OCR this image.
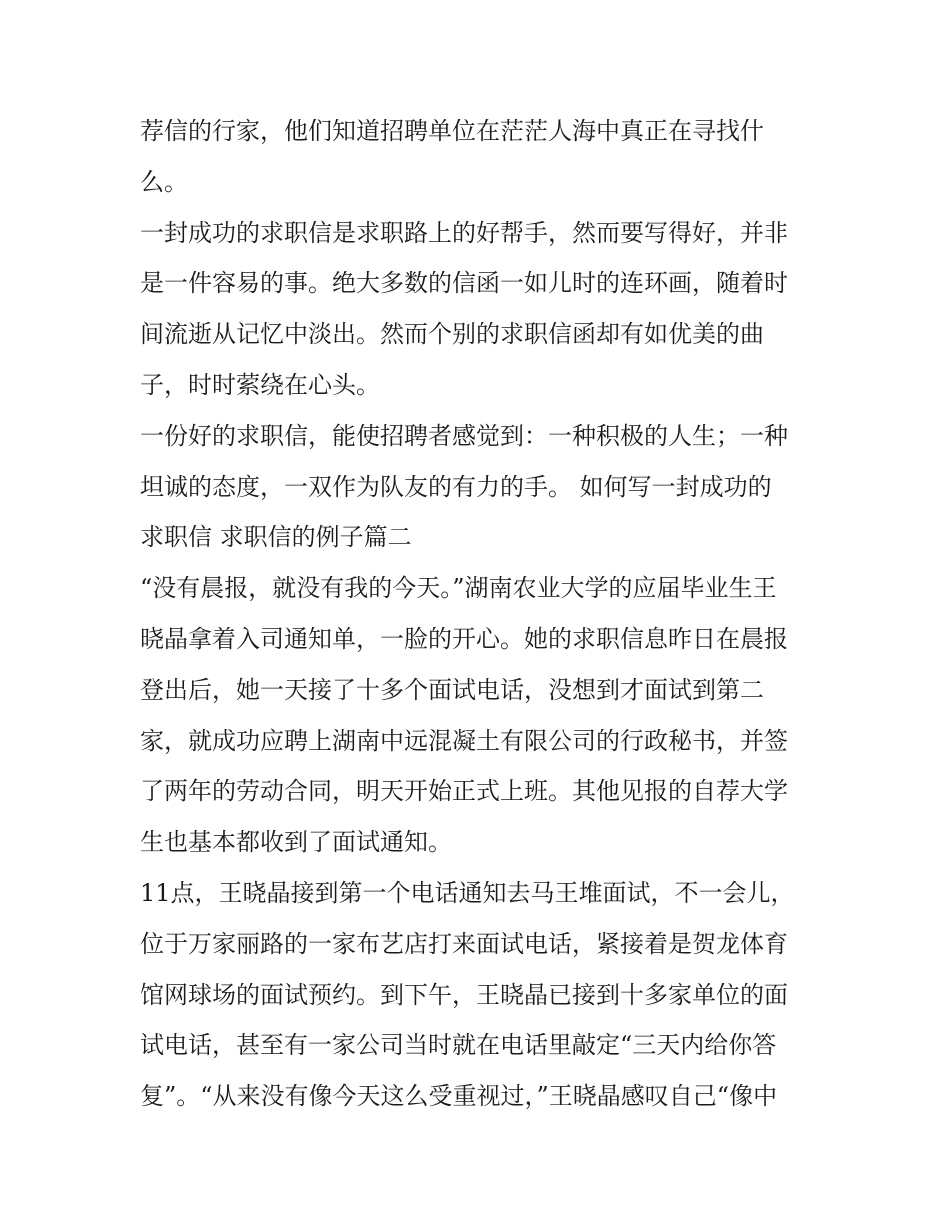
荐信的行家，他们知道招聘单位在茫茫人海中真正在寻找什
么。
一封成功的求职信是求职路上的好帮手，然而要写得好，并非
是一件容易的事。绝大多数的信函一如儿时的连环画，随着时
间流逝从记忆中淡出。然而个别的求职信函却有如优美的曲
子，时时萦绕在心头。
一份好的求职信，能使招聘者感觉到：一种积极的人生；一种
坦诚的态度，一双作为队友的有力的手。 如何写一封成功的
求职信 求职信的例子篇二
“没有晨报，就没有我的今天。”湖南农业大学的应届毕业生王
晓晶拿着入司通知单，一脸的开心。她的求职信息昨日在晨报
登出后，她一天接了十多个面试电话，没想到才面试到第二
家，就成功应聘上湖南中远混凝土有限公司的行政秘书，并签
了两年的劳动合同，明天开始正式上班。其他见报的自荐大学
生也基本都收到了面试通知。
11点，王晓晶接到第一个电话通知去马王堆面试，不一会儿，
位于万家丽路的一家布艺店打来面试电话，紧接着是贺龙体育
馆网球场的面试预约。到下午，王晓晶已接到十多家单位的面
试电话，甚至有一家公司当时就在电话里敲定“三天内给你答
复”。“从来没有像今天这么受重视过，”王晓晶感叹自己“像中
